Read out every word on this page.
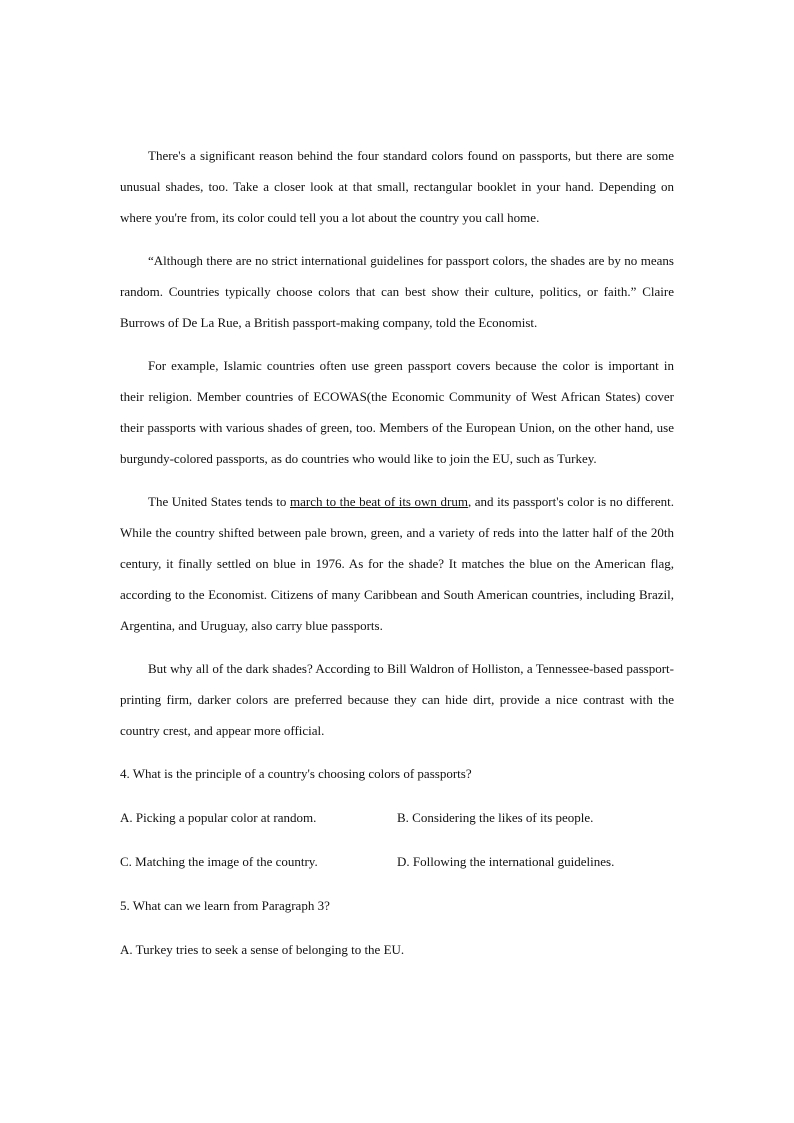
There's a significant reason behind the four standard colors found on passports, but there are some unusual shades, too. Take a closer look at that small, rectangular booklet in your hand. Depending on where you're from, its color could tell you a lot about the country you call home.

“Although there are no strict international guidelines for passport colors, the shades are by no means random. Countries typically choose colors that can best show their culture, politics, or faith.” Claire Burrows of De La Rue, a British passport-making company, told the Economist.

For example, Islamic countries often use green passport covers because the color is important in their religion. Member countries of ECOWAS(the Economic Community of West African States) cover their passports with various shades of green, too. Members of the European Union, on the other hand, use burgundy-colored passports, as do countries who would like to join the EU, such as Turkey.

The United States tends to march to the beat of its own drum, and its passport's color is no different. While the country shifted between pale brown, green, and a variety of reds into the latter half of the 20th century, it finally settled on blue in 1976. As for the shade? It matches the blue on the American flag, according to the Economist. Citizens of many Caribbean and South American countries, including Brazil, Argentina, and Uruguay, also carry blue passports.

But why all of the dark shades? According to Bill Waldron of Holliston, a Tennessee-based passport-printing firm, darker colors are preferred because they can hide dirt, provide a nice contrast with the country crest, and appear more official.

4. What is the principle of a country's choosing colors of passports?
A. Picking a popular color at random.	B. Considering the likes of its people.
C. Matching the image of the country.	D. Following the international guidelines.
5. What can we learn from Paragraph 3?
A. Turkey tries to seek a sense of belonging to the EU.
